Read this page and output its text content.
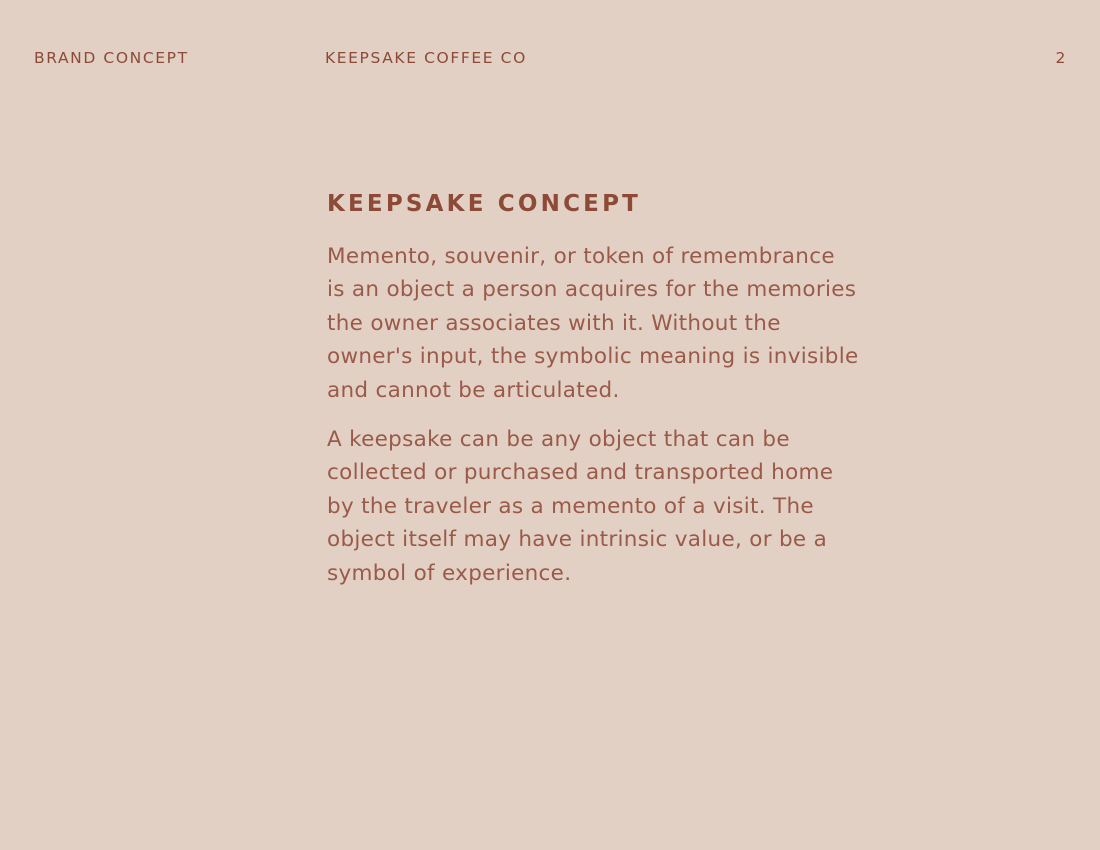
BRAND CONCEPT	KEEPSAKE COFFEE CO	2
KEEPSAKE CONCEPT

Memento, souvenir, or token of remembrance
is an object a person acquires for the memories
the owner associates with it. Without the
owner's input, the symbolic meaning is invisible
and cannot be articulated.

A keepsake can be any object that can be
collected or purchased and transported home
by the traveler as a memento of a visit. The
object itself may have intrinsic value, or be a
symbol of experience.
